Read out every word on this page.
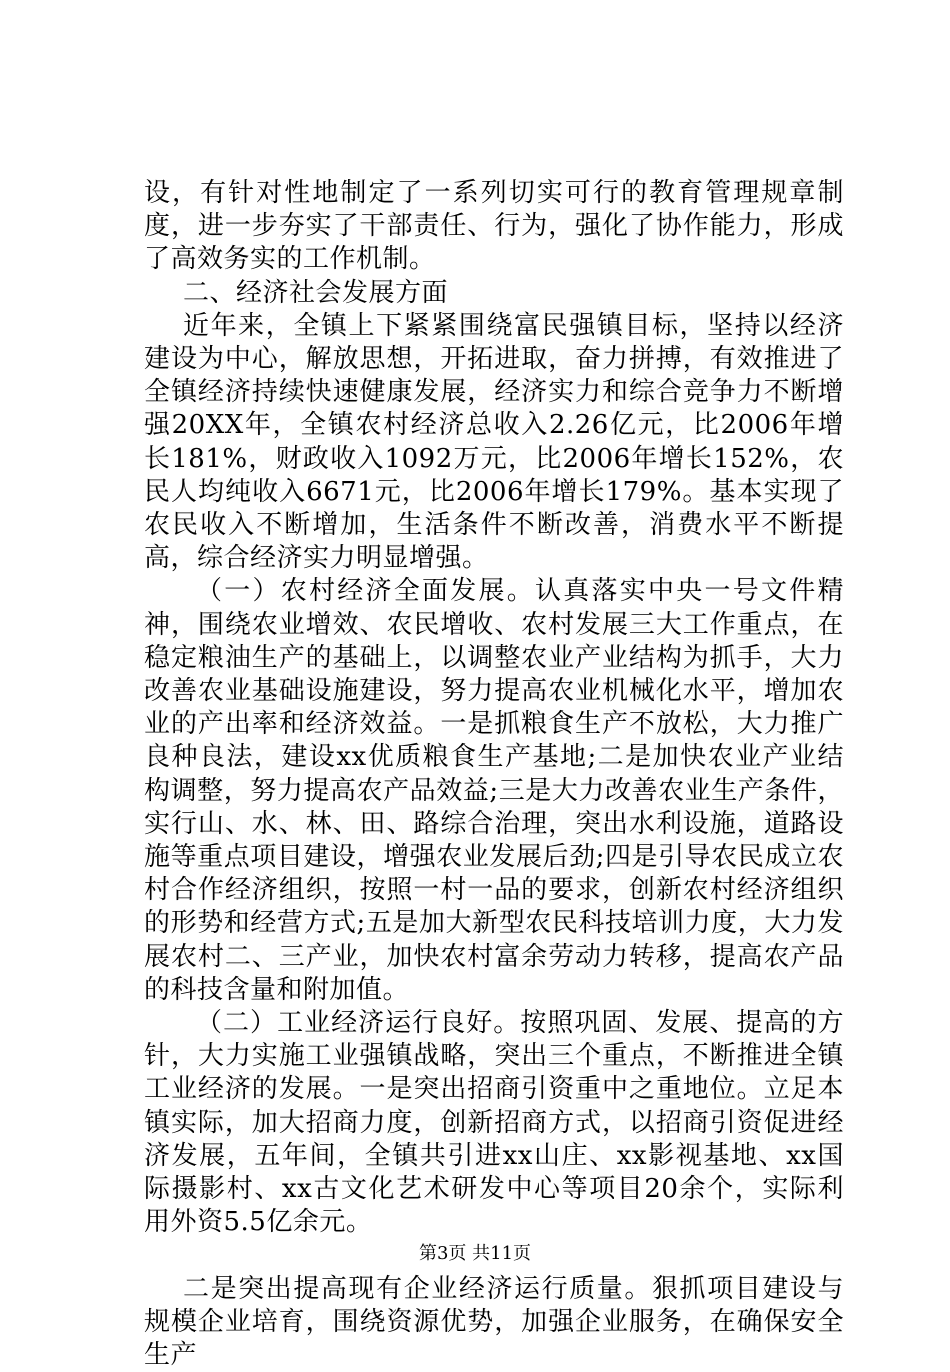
设，有针对性地制定了一系列切实可行的教育管理规章制度，进一步夯实了干部责任、行为，强化了协作能力，形成了高效务实的工作机制。

二、经济社会发展方面

近年来，全镇上下紧紧围绕富民强镇目标，坚持以经济建设为中心，解放思想，开拓进取，奋力拼搏，有效推进了全镇经济持续快速健康发展，经济实力和综合竞争力不断增强20XX年，全镇农村经济总收入2.26亿元，比2006年增长181%，财政收入1092万元，比2006年增长152%，农民人均纯收入6671元，比2006年增长179%。基本实现了农民收入不断增加，生活条件不断改善，消费水平不断提高，综合经济实力明显增强。

（一）农村经济全面发展。认真落实中央一号文件精神，围绕农业增效、农民增收、农村发展三大工作重点，在稳定粮油生产的基础上，以调整农业产业结构为抓手，大力改善农业基础设施建设，努力提高农业机械化水平，增加农业的产出率和经济效益。一是抓粮食生产不放松，大力推广良种良法，建设xx优质粮食生产基地;二是加快农业产业结构调整，努力提高农产品效益;三是大力改善农业生产条件，实行山、水、林、田、路综合治理，突出水利设施，道路设施等重点项目建设，增强农业发展后劲;四是引导农民成立农村合作经济组织，按照一村一品的要求，创新农村经济组织的形势和经营方式;五是加大新型农民科技培训力度，大力发展农村二、三产业，加快农村富余劳动力转移，提高农产品的科技含量和附加值。

（二）工业经济运行良好。按照巩固、发展、提高的方针，大力实施工业强镇战略，突出三个重点，不断推进全镇工业经济的发展。一是突出招商引资重中之重地位。立足本镇实际，加大招商力度，创新招商方式，以招商引资促进经济发展，五年间，全镇共引进xx山庄、xx影视基地、xx国际摄影村、xx古文化艺术研发中心等项目20余个，实际利用外资5.5亿余元。

二是突出提高现有企业经济运行质量。狠抓项目建设与规模企业培育，围绕资源优势，加强企业服务，在确保安全生产

第3页 共11页
